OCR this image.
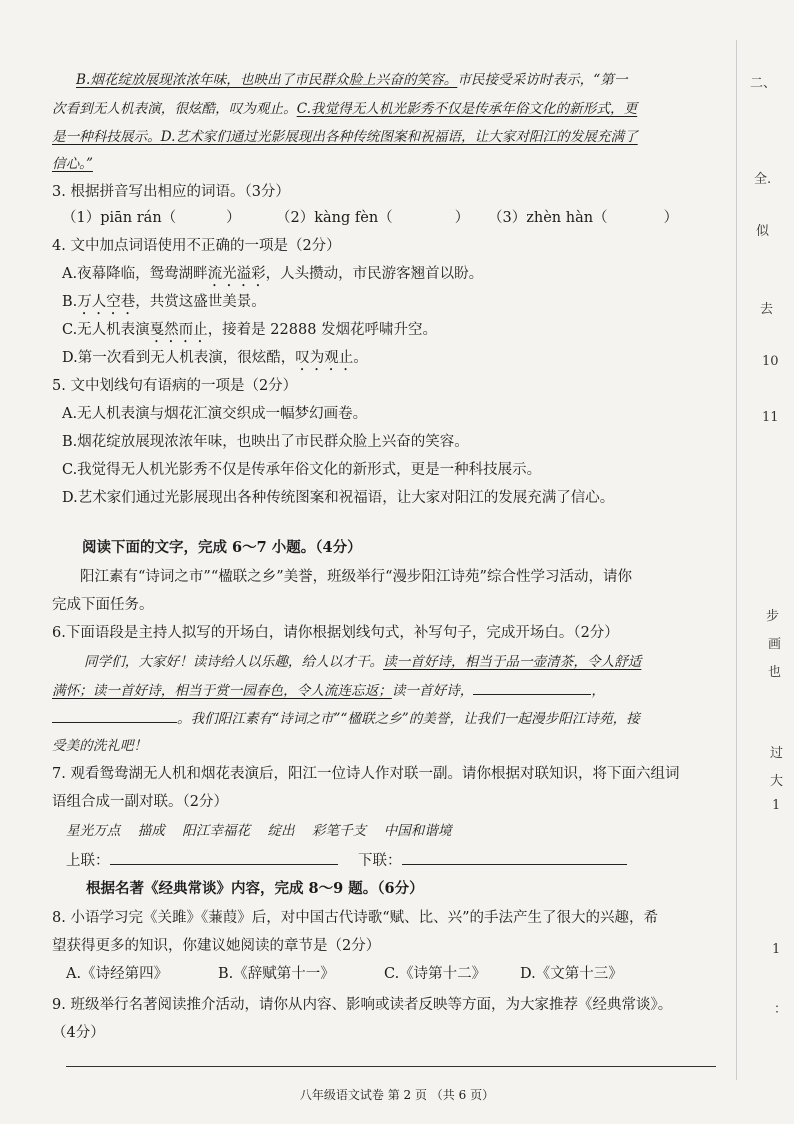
B.烟花绽放展现浓浓年味，也映出了市民群众脸上兴奋的笑容。市民接受采访时表示，“第一
次看到无人机表演，很炫酷，叹为观止。C.我觉得无人机光影秀不仅是传承年俗文化的新形式，更
是一种科技展示。D.艺术家们通过光影展现出各种传统图案和祝福语，让大家对阳江的发展充满了
信心。”
3. 根据拼音写出相应的词语。（3分）
（1）piān rán（	） （2）kàng fèn（	） （3）zhèn hàn（	）
4. 文中加点词语使用不正确的一项是（2分）
A.夜幕降临，鸳鸯湖畔流光溢彩，人头攒动，市民游客翘首以盼。
B.万人空巷，共赏这盛世美景。
C.无人机表演戛然而止，接着是 22888 发烟花呼啸升空。
D.第一次看到无人机表演，很炫酷，叹为观止。
5. 文中划线句有语病的一项是（2分）
A.无人机表演与烟花汇演交织成一幅梦幻画卷。
B.烟花绽放展现浓浓年味，也映出了市民群众脸上兴奋的笑容。
C.我觉得无人机光影秀不仅是传承年俗文化的新形式，更是一种科技展示。
D.艺术家们通过光影展现出各种传统图案和祝福语，让大家对阳江的发展充满了信心。
阅读下面的文字，完成 6～7 小题。（4分）
阳江素有“诗词之市”“楹联之乡”美誉，班级举行“漫步阳江诗苑”综合性学习活动，请你
完成下面任务。
6.下面语段是主持人拟写的开场白，请你根据划线句式，补写句子，完成开场白。（2分）
同学们，大家好！读诗给人以乐趣，给人以才干。读一首好诗，相当于品一壶清茶，令人舒适
满怀；读一首好诗，相当于赏一园春色，令人流连忘返；读一首好诗，	，
。我们阳江素有“诗词之市”“楹联之乡”的美誉，让我们一起漫步阳江诗苑，接
受美的洗礼吧！
7. 观看鸳鸯湖无人机和烟花表演后，阳江一位诗人作对联一副。请你根据对联知识，将下面六组词
语组合成一副对联。（2分）
星光万点 描成 阳江幸福花 绽出 彩笔千支 中国和谐境
上联：	下联：
根据名著《经典常谈》内容，完成 8～9 题。（6分）
8. 小语学习完《关雎》《蒹葭》后，对中国古代诗歌“赋、比、兴”的手法产生了很大的兴趣，希
望获得更多的知识，你建议她阅读的章节是（2分）
A.《诗经第四》	B.《辞赋第十一》	C.《诗第十二》 D.《文第十三》
9. 班级举行名著阅读推介活动，请你从内容、影响或读者反映等方面，为大家推荐《经典常谈》。
（4分）
八年级语文试卷 第 2 页 （共 6 页）
二、
全.
似
去
10
11
步
画
也
过
大
1
1
：
